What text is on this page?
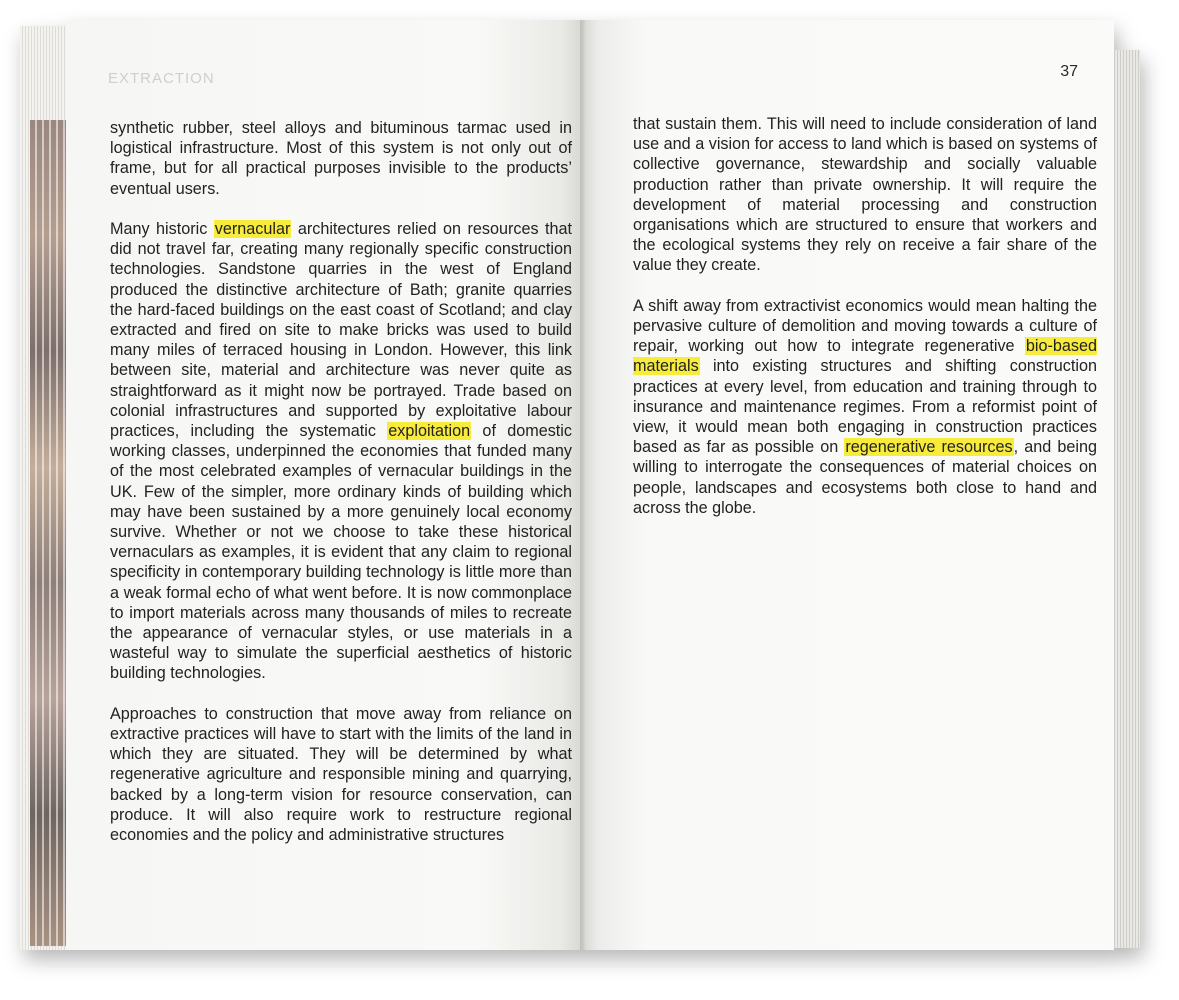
EXTRACTION

synthetic rubber, steel alloys and bituminous tarmac used in logistical infrastructure. Most of this system is not only out of frame, but for all practical purposes invisible to the products’ eventual users.

Many historic vernacular architectures relied on resources that did not travel far, creating many regionally specific construction technologies. Sandstone quarries in the west of England produced the distinctive architecture of Bath; granite quarries the hard-faced buildings on the east coast of Scotland; and clay extracted and fired on site to make bricks was used to build many miles of terraced housing in London. However, this link between site, material and architecture was never quite as straightforward as it might now be portrayed. Trade based on colonial infrastructures and supported by exploitative labour practices, including the systematic exploitation of domestic working classes, underpinned the economies that funded many of the most celebrated examples of vernacular buildings in the UK. Few of the simpler, more ordinary kinds of building which may have been sustained by a more genuinely local economy survive. Whether or not we choose to take these historical vernaculars as examples, it is evident that any claim to regional specificity in contemporary building technology is little more than a weak formal echo of what went before. It is now commonplace to import materials across many thousands of miles to recreate the appearance of vernacular styles, or use materials in a wasteful way to simulate the superficial aesthetics of historic building technologies.

Approaches to construction that move away from reliance on extractive practices will have to start with the limits of the land in which they are situated. They will be determined by what regenerative agriculture and responsible mining and quarrying, backed by a long-term vision for resource conservation, can produce. It will also require work to restructure regional economies and the policy and administrative structures

37

that sustain them. This will need to include consideration of land use and a vision for access to land which is based on systems of collective governance, stewardship and socially valuable production rather than private ownership. It will require the development of material processing and construction organisations which are structured to ensure that workers and the ecological systems they rely on receive a fair share of the value they create.

A shift away from extractivist economics would mean halting the pervasive culture of demolition and moving towards a culture of repair, working out how to integrate regenerative bio-based materials into existing structures and shifting construction practices at every level, from education and training through to insurance and maintenance regimes. From a reformist point of view, it would mean both engaging in construction practices based as far as possible on regenerative resources, and being willing to interrogate the consequences of material choices on people, landscapes and ecosystems both close to hand and across the globe.
